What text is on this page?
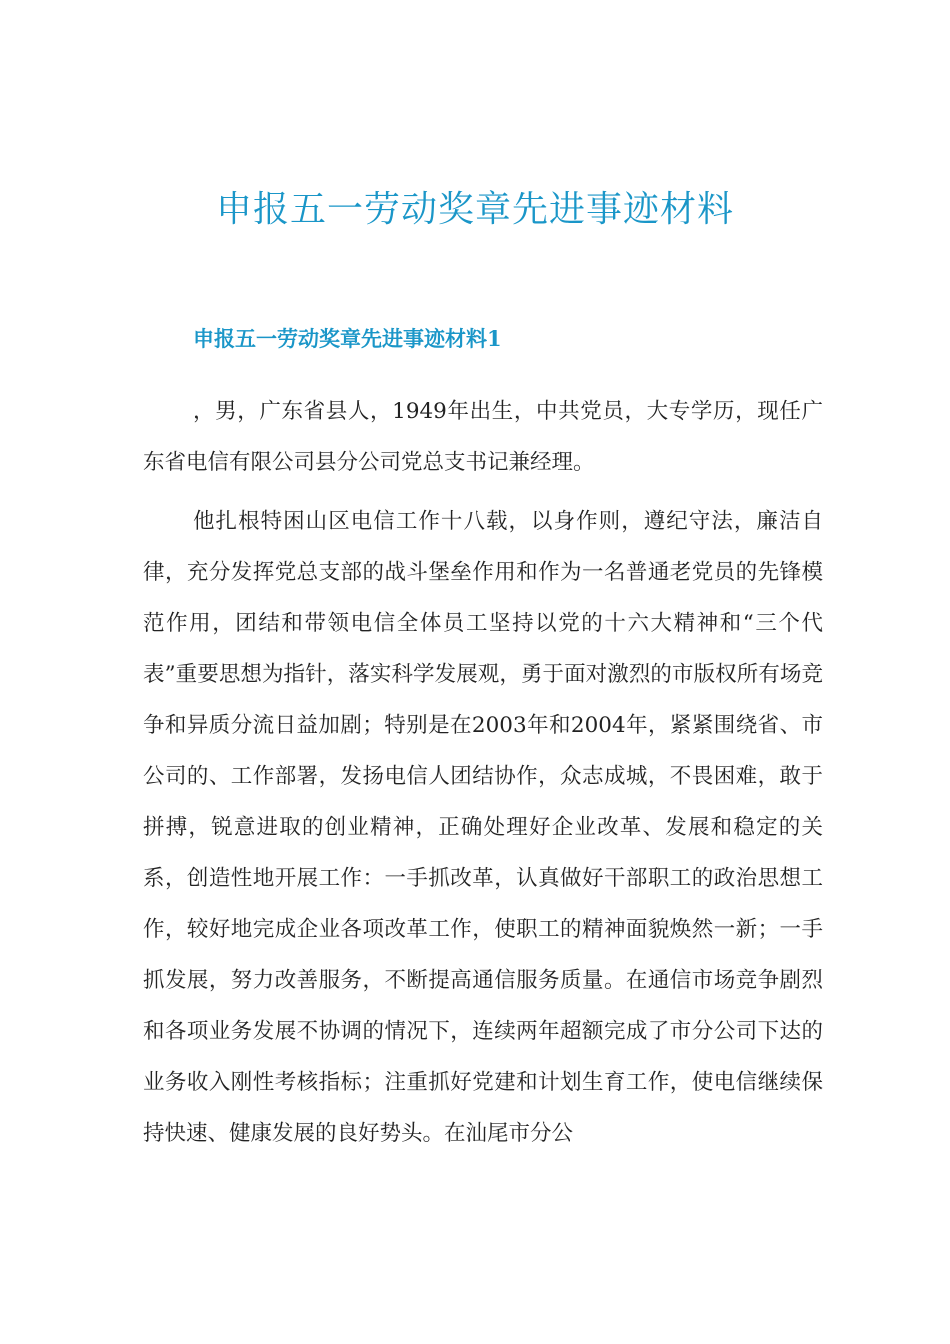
申报五一劳动奖章先进事迹材料
申报五一劳动奖章先进事迹材料1

，男，广东省县人，1949年出生，中共党员，大专学历，现任广东省电信有限公司县分公司党总支书记兼经理。

他扎根特困山区电信工作十八载，以身作则，遵纪守法，廉洁自律，充分发挥党总支部的战斗堡垒作用和作为一名普通老党员的先锋模范作用，团结和带领电信全体员工坚持以党的十六大精神和“三个代表”重要思想为指针，落实科学发展观，勇于面对激烈的市版权所有场竞争和异质分流日益加剧；特别是在2003年和2004年，紧紧围绕省、市公司的、工作部署，发扬电信人团结协作，众志成城，不畏困难，敢于拼搏，锐意进取的创业精神，正确处理好企业改革、发展和稳定的关系，创造性地开展工作：一手抓改革，认真做好干部职工的政治思想工作，较好地完成企业各项改革工作，使职工的精神面貌焕然一新；一手抓发展，努力改善服务，不断提高通信服务质量。在通信市场竞争剧烈和各项业务发展不协调的情况下，连续两年超额完成了市分公司下达的业务收入刚性考核指标；注重抓好党建和计划生育工作，使电信继续保持快速、健康发展的良好势头。在汕尾市分公
